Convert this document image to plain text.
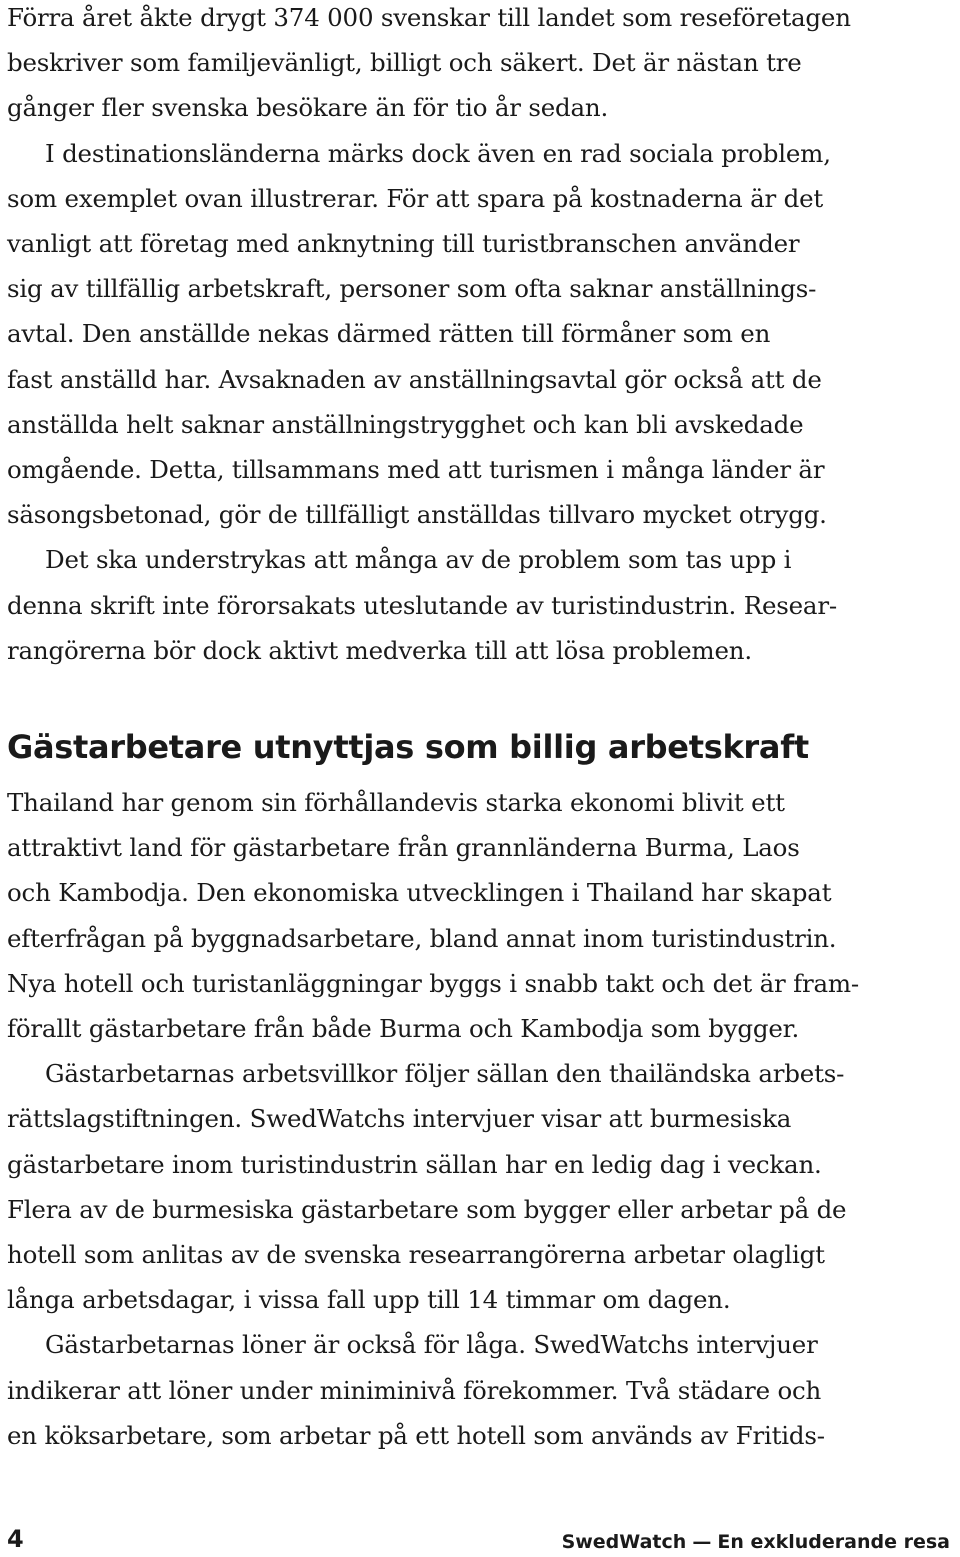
Förra året åkte drygt 374 000 svenskar till landet som reseföretagen
beskriver som familjevänligt, billigt och säkert. Det är nästan tre
gånger fler svenska besökare än för tio år sedan.

I destinationsländerna märks dock även en rad sociala problem,
som exemplet ovan illustrerar. För att spara på kostnaderna är det
vanligt att företag med anknytning till turistbranschen använder
sig av tillfällig arbetskraft, personer som ofta saknar anställnings-
avtal. Den anställde nekas därmed rätten till förmåner som en
fast anställd har. Avsaknaden av anställningsavtal gör också att de
anställda helt saknar anställningstrygghet och kan bli avskedade
omgående. Detta, tillsammans med att turismen i många länder är
säsongsbetonad, gör de tillfälligt anställdas tillvaro mycket otrygg.

Det ska understrykas att många av de problem som tas upp i
denna skrift inte förorsakats uteslutande av turistindustrin. Resear-
rangörerna bör dock aktivt medverka till att lösa problemen.

Gästarbetare utnyttjas som billig arbetskraft

Thailand har genom sin förhållandevis starka ekonomi blivit ett
attraktivt land för gästarbetare från grannländerna Burma, Laos
och Kambodja. Den ekonomiska utvecklingen i Thailand har skapat
efterfrågan på byggnadsarbetare, bland annat inom turistindustrin.
Nya hotell och turistanläggningar byggs i snabb takt och det är fram-
förallt gästarbetare från både Burma och Kambodja som bygger.

Gästarbetarnas arbetsvillkor följer sällan den thailändska arbets-
rättslagstiftningen. SwedWatchs intervjuer visar att burmesiska
gästarbetare inom turistindustrin sällan har en ledig dag i veckan.
Flera av de burmesiska gästarbetare som bygger eller arbetar på de
hotell som anlitas av de svenska researrangörerna arbetar olagligt
långa arbetsdagar, i vissa fall upp till 14 timmar om dagen.

Gästarbetarnas löner är också för låga. SwedWatchs intervjuer
indikerar att löner under miniminivå förekommer. Två städare och
en köksarbetare, som arbetar på ett hotell som används av Fritids-

4	SwedWatch — En exkluderande resa
